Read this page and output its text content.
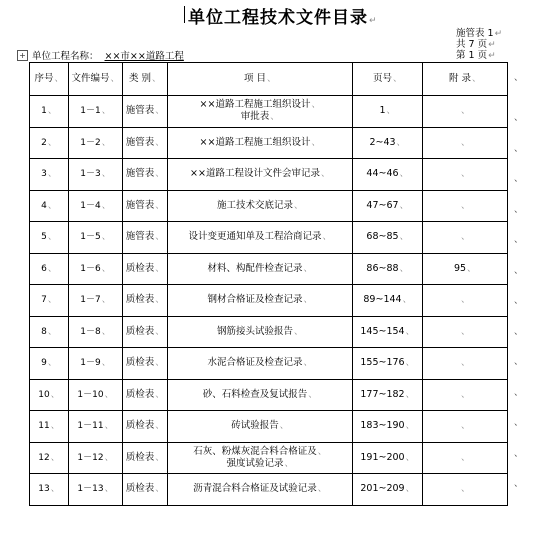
单位工程技术文件目录↵
施管表 1↵
共 7 页↵
第 1 页↵
+ 单位工程名称： ××市××道路工程
序号、	文件编号、	类 别、	项 目、	页号、	附 录、
1、	1－1、	施管表、	××道路工程施工组织设计、
审批表、	1、	、
2、	1－2、	施管表、	××道路工程施工组织设计、	2~43、	、
3、	1－3、	施管表、	××道路工程设计文件会审记录、	44~46、	、
4、	1－4、	施管表、	施工技术交底记录、	47~67、	、
5、	1－5、	施管表、	设计变更通知单及工程洽商记录、	68~85、	、
6、	1－6、	质检表、	材料、构配件检查记录、	86~88、	95、
7、	1－7、	质检表、	钢材合格证及检查记录、	89~144、	、
8、	1－8、	质检表、	钢筋接头试验报告、	145~154、	、
9、	1－9、	质检表、	水泥合格证及检查记录、	155~176、	、
10、	1－10、	质检表、	砂、石料检查及复试报告、	177~182、	、
11、	1－11、	质检表、	砖试验报告、	183~190、	、
12、	1－12、	质检表、	石灰、粉煤灰混合料合格证及、
强度试验记录、	191~200、	、
13、	1－13、	质检表、	沥青混合料合格证及试验记录、	201~209、	、
、
、
、
、
、
、
、
、
、
、
、
、
、
、
